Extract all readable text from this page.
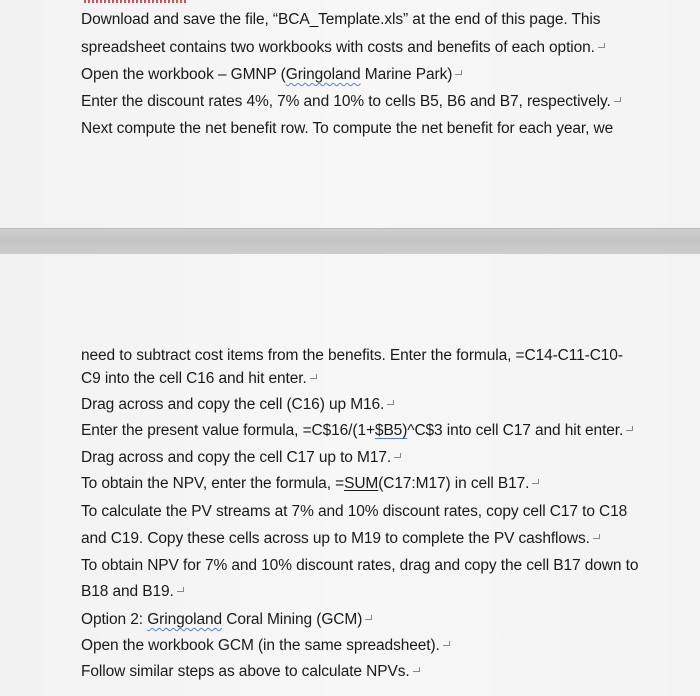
Download and save the file, “BCA_Template.xls” at the end of this page. This
spreadsheet contains two workbooks with costs and benefits of each option.
Open the workbook – GMNP (Gringoland Marine Park)
Enter the discount rates 4%, 7% and 10% to cells B5, B6 and B7, respectively.
Next compute the net benefit row. To compute the net benefit for each year, we
need to subtract cost items from the benefits. Enter the formula, =C14-C11-C10-
C9 into the cell C16 and hit enter.
Drag across and copy the cell (C16) up M16.
Enter the present value formula, =C$16/(1+$B5)^C$3 into cell C17 and hit enter.
Drag across and copy the cell C17 up to M17.
To obtain the NPV, enter the formula, =SUM(C17:M17) in cell B17.
To calculate the PV streams at 7% and 10% discount rates, copy cell C17 to C18
and C19. Copy these cells across up to M19 to complete the PV cashflows.
To obtain NPV for 7% and 10% discount rates, drag and copy the cell B17 down to
B18 and B19.
Option 2: Gringoland Coral Mining (GCM)
Open the workbook GCM (in the same spreadsheet).
Follow similar steps as above to calculate NPVs.
